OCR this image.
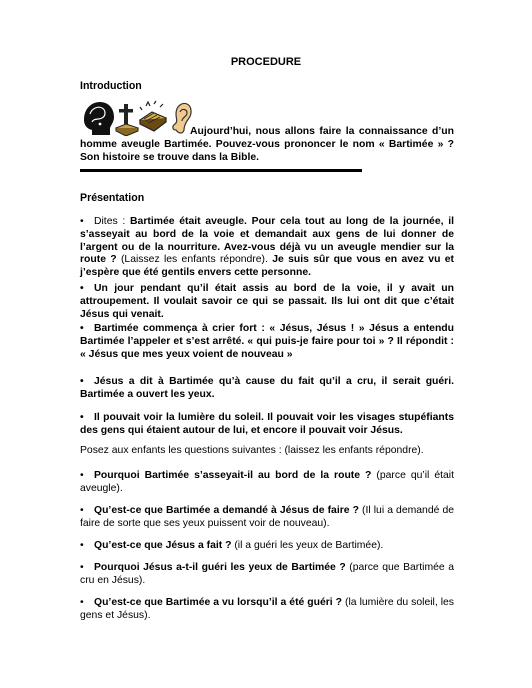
PROCEDURE
Introduction
Aujourd’hui, nous allons faire la connaissance d’un
homme aveugle Bartimée. Pouvez-vous prononcer le nom « Bartimée » ? Son histoire se trouve dans la Bible.
Présentation
• Dites : Bartimée était aveugle. Pour cela tout au long de la journée, il s’asseyait au bord de la voie et demandait aux gens de lui donner de l’argent ou de la nourriture. Avez-vous déjà vu un aveugle mendier sur la route ? (Laissez les enfants répondre). Je suis sûr que vous en avez vu et j’espère que été gentils envers cette personne.
• Un jour pendant qu’il était assis au bord de la voie, il y avait un attroupement. Il voulait savoir ce qui se passait. Ils lui ont dit que c’était Jésus qui venait.
• Bartimée commença à crier fort : « Jésus, Jésus ! » Jésus a entendu Bartimée l’appeler et s’est arrêté. « qui puis-je faire pour toi » ? Il répondit : « Jésus que mes yeux voient de nouveau »
• Jésus a dit à Bartimée qu’à cause du fait qu’il a cru, il serait guéri. Bartimée a ouvert les yeux.
• Il pouvait voir la lumière du soleil. Il pouvait voir les visages stupéfiants des gens qui étaient autour de lui, et encore il pouvait voir Jésus.
Posez aux enfants les questions suivantes : (laissez les enfants répondre).
• Pourquoi Bartimée s’asseyait-il au bord de la route ? (parce qu’il était aveugle).
• Qu’est-ce que Bartimée a demandé à Jésus de faire ? (Il lui a demandé de faire de sorte que ses yeux puissent voir de nouveau).
• Qu’est-ce que Jésus a fait ? (il a guéri les yeux de Bartimée).
• Pourquoi Jésus a-t-il guéri les yeux de Bartimée ? (parce que Bartimée a cru en Jésus).
• Qu’est-ce que Bartimée a vu lorsqu’il a été guéri ? (la lumière du soleil, les gens et Jésus).
